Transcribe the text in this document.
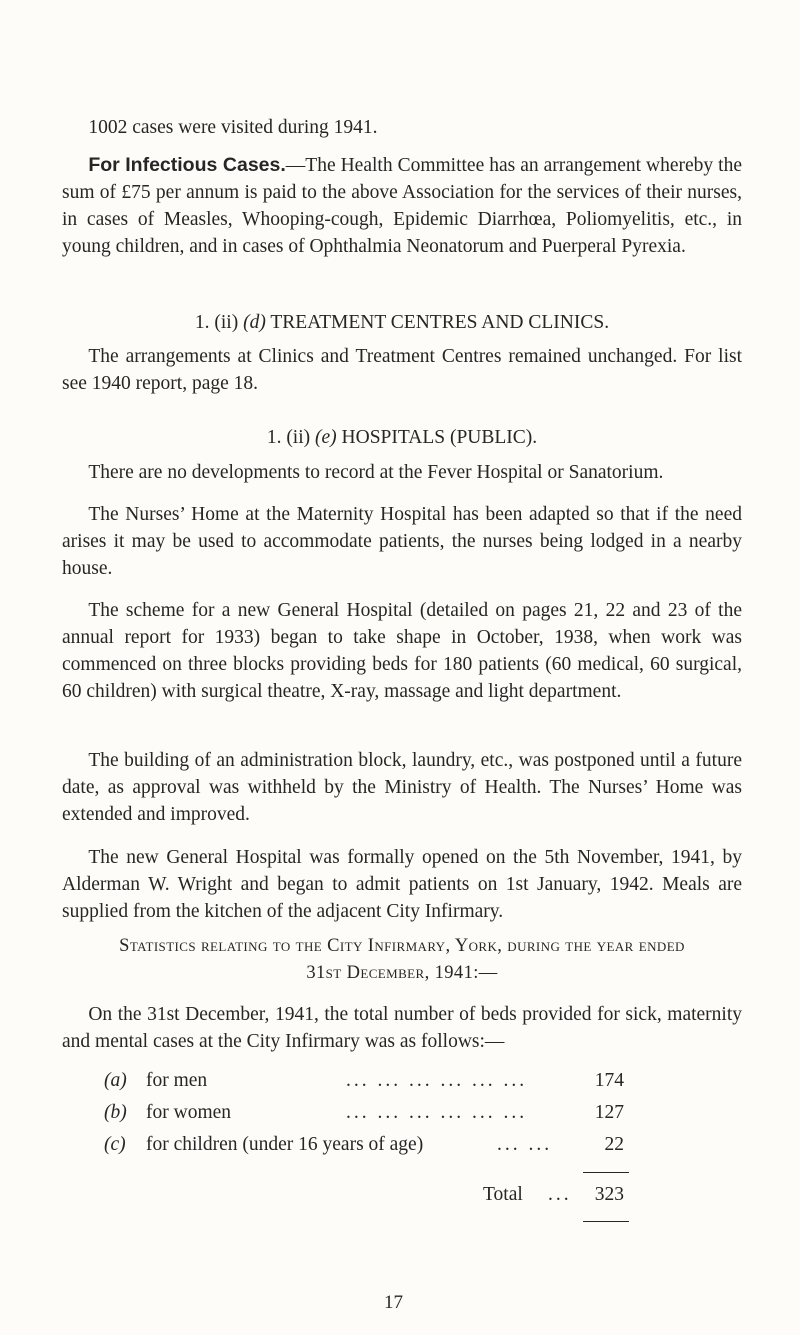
1002 cases were visited during 1941.

For Infectious Cases.—The Health Committee has an arrangement whereby the sum of £75 per annum is paid to the above Association for the services of their nurses, in cases of Measles, Whooping-cough, Epidemic Diarrhœa, Poliomyelitis, etc., in young children, and in cases of Ophthalmia Neonatorum and Puerperal Pyrexia.

1. (ii) (d) TREATMENT CENTRES AND CLINICS.

The arrangements at Clinics and Treatment Centres remained unchanged. For list see 1940 report, page 18.

1. (ii) (e) HOSPITALS (PUBLIC).

There are no developments to record at the Fever Hospital or Sanatorium.

The Nurses’ Home at the Maternity Hospital has been adapted so that if the need arises it may be used to accommodate patients, the nurses being lodged in a nearby house.

The scheme for a new General Hospital (detailed on pages 21, 22 and 23 of the annual report for 1933) began to take shape in October, 1938, when work was commenced on three blocks providing beds for 180 patients (60 medical, 60 surgical, 60 children) with surgical theatre, X-ray, massage and light department.

The building of an administration block, laundry, etc., was postponed until a future date, as approval was withheld by the Ministry of Health. The Nurses’ Home was extended and improved.

The new General Hospital was formally opened on the 5th November, 1941, by Alderman W. Wright and began to admit patients on 1st January, 1942. Meals are supplied from the kitchen of the adjacent City Infirmary.

Statistics relating to the City Infirmary, York, during the year ended
31st December, 1941:—

On the 31st December, 1941, the total number of beds provided for sick, maternity and mental cases at the City Infirmary was as follows:—

(a) for men	... ... ... ... ... ...	174
(b) for women	... ... ... ... ... ...	127
(c) for children (under 16 years of age)	... ...	22
Total ... 323
17
